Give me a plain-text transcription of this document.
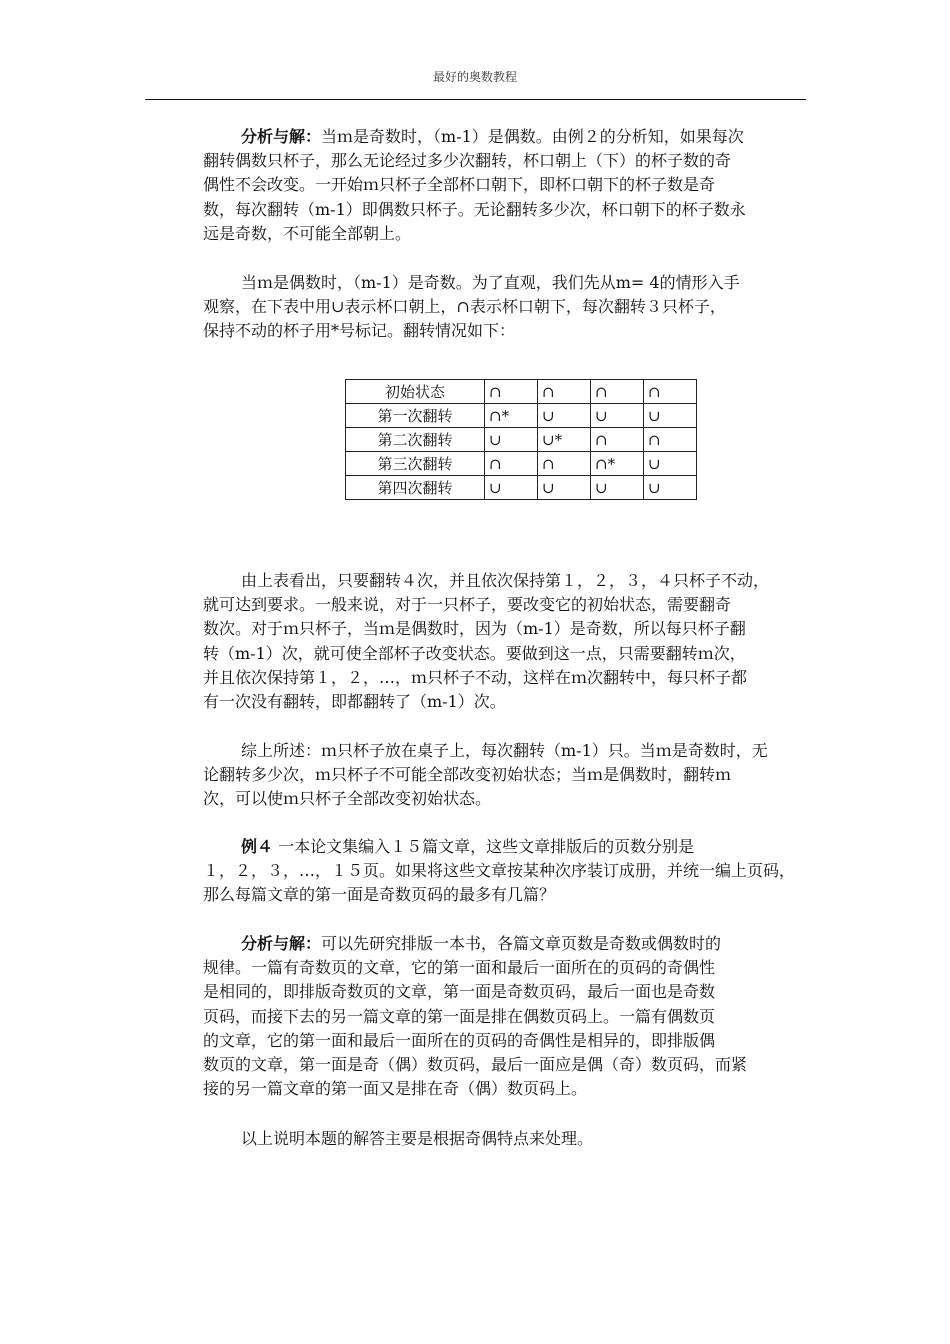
最好的奥数教程
分析与解：当ｍ是奇数时，（m-1）是偶数。由例２的分析知，如果每次
翻转偶数只杯子，那么无论经过多少次翻转，杯口朝上（下）的杯子数的奇
偶性不会改变。一开始ｍ只杯子全部杯口朝下，即杯口朝下的杯子数是奇
数，每次翻转（m-1）即偶数只杯子。无论翻转多少次，杯口朝下的杯子数永
远是奇数，不可能全部朝上。
当ｍ是偶数时，（m-1）是奇数。为了直观，我们先从m= 4的情形入手
观察，在下表中用∪表示杯口朝上，∩表示杯口朝下，每次翻转３只杯子，
保持不动的杯子用*号标记。翻转情况如下：
初始状态	∩	∩	∩	∩
第一次翻转	∩*	∪	∪	∪
第二次翻转	∪	∪*	∩	∩
第三次翻转	∩	∩	∩*	∪
第四次翻转	∪	∪	∪	∪
由上表看出，只要翻转４次，并且依次保持第１，２，３，４只杯子不动，
就可达到要求。一般来说，对于一只杯子，要改变它的初始状态，需要翻奇
数次。对于ｍ只杯子，当ｍ是偶数时，因为（m-1）是奇数，所以每只杯子翻
转（m-1）次，就可使全部杯子改变状态。要做到这一点，只需要翻转ｍ次，
并且依次保持第１，２，…，ｍ只杯子不动，这样在ｍ次翻转中，每只杯子都
有一次没有翻转，即都翻转了（m-1）次。
综上所述：ｍ只杯子放在桌子上，每次翻转（m-1）只。当ｍ是奇数时，无
论翻转多少次，ｍ只杯子不可能全部改变初始状态；当ｍ是偶数时，翻转ｍ
次，可以使ｍ只杯子全部改变初始状态。
例４ 一本论文集编入１５篇文章，这些文章排版后的页数分别是
１，２，３，…，１５页。如果将这些文章按某种次序装订成册，并统一编上页码，
那么每篇文章的第一面是奇数页码的最多有几篇？
分析与解：可以先研究排版一本书，各篇文章页数是奇数或偶数时的
规律。一篇有奇数页的文章，它的第一面和最后一面所在的页码的奇偶性
是相同的，即排版奇数页的文章，第一面是奇数页码，最后一面也是奇数
页码，而接下去的另一篇文章的第一面是排在偶数页码上。一篇有偶数页
的文章，它的第一面和最后一面所在的页码的奇偶性是相异的，即排版偶
数页的文章，第一面是奇（偶）数页码，最后一面应是偶（奇）数页码，而紧
接的另一篇文章的第一面又是排在奇（偶）数页码上。
以上说明本题的解答主要是根据奇偶特点来处理。
